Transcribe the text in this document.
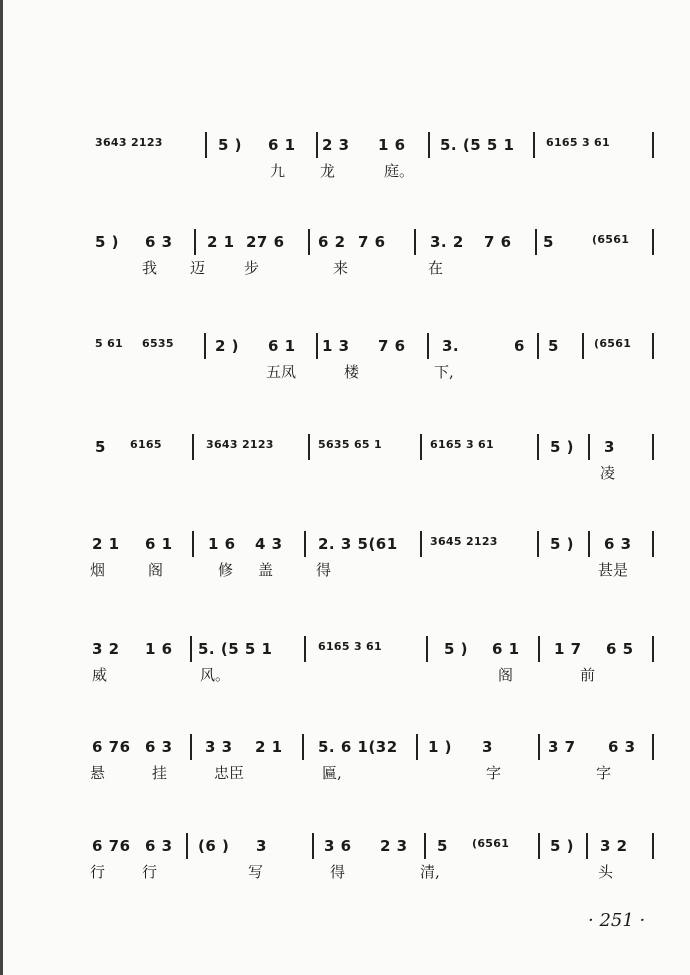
3643 2123	5 ) 6 1 2 3 1 6 5. (5 5 1	6165 3 61
九 龙	庭。
5 ) 6 3 2 1 27 6 6 2 7 6	3. 2 7 6 5	(6561
我 迈	步	来	在
5 61 6535	2 ) 6 1 1 3 7 6 3.	6 5	(6561
五凤	楼	下,
5 6165	3643 2123	5635 65 1	6165 3 61	5 ) 3
凌
2 1 6 1 1 6 4 3 2. 3 5(61	3645 2123	5 ) 6 3
烟	阁	修 盖	得	甚是
3 2 1 6 5. (5 5 1	6165 3 61	5 ) 6 1 1 7 6 5
威	风。	阁	前
6 76 6 3 3 3 2 1 5. 6 1(32 1 ) 3	3 7 6 3
悬	挂	忠臣	匾,	字	字
6 76 6 3 (6 ) 3	3 6 2 3 5 (6561	5 ) 3 2
行 行	写	得	清,	头
· 251 ·
